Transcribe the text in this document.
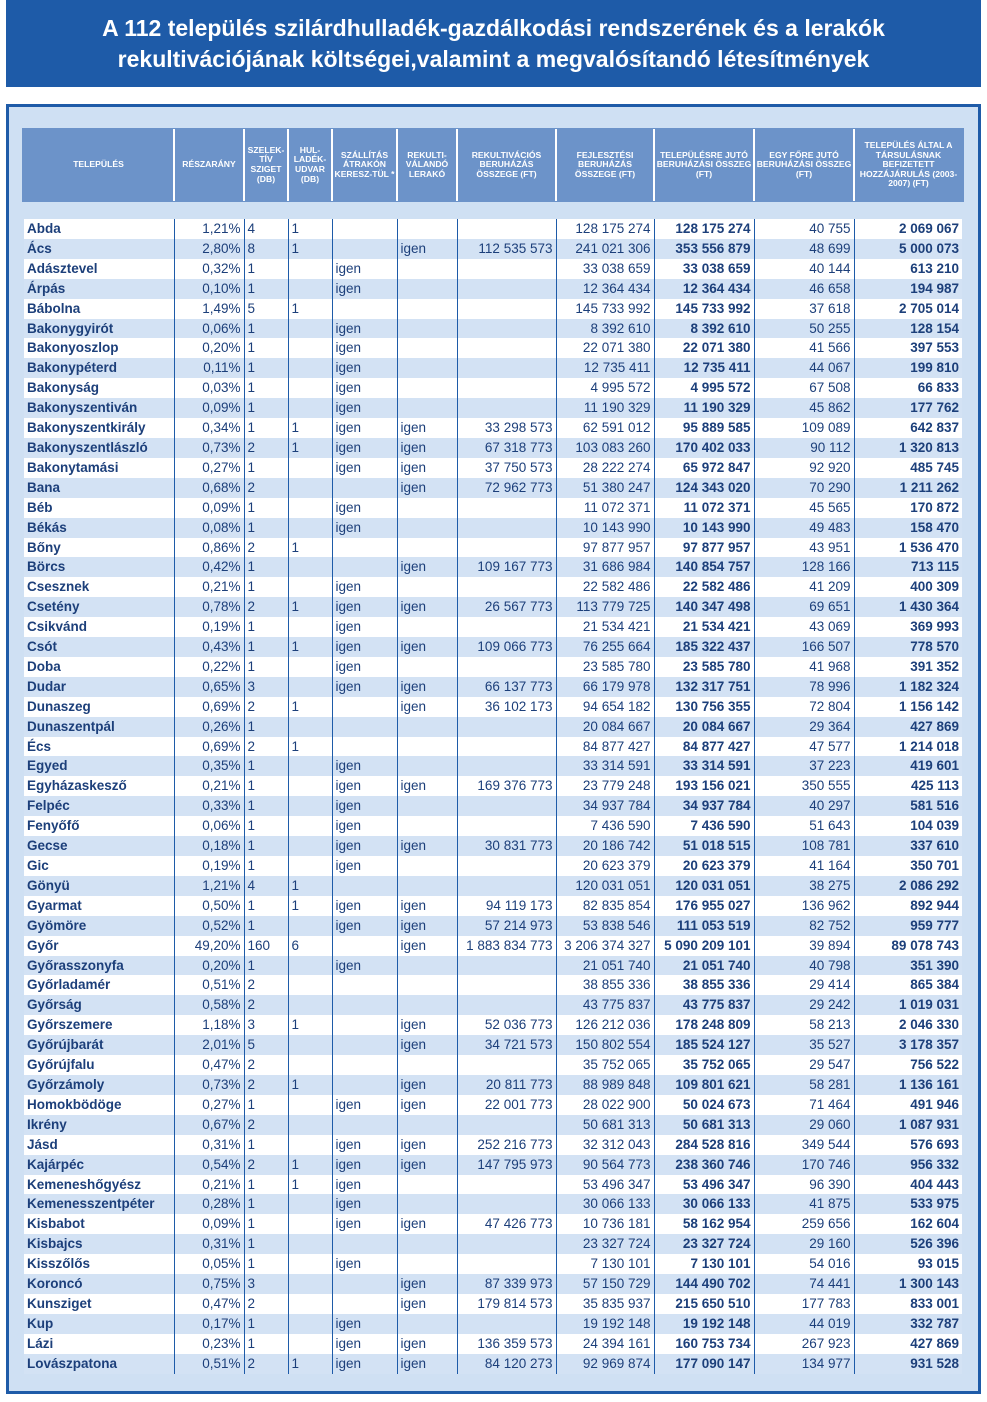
A 112 település szilárdhulladék-gazdálkodási rendszerének és a lerakók
rekultivációjának költségei,valamint a megvalósítandó létesítmények
TELEPÜLÉS	RÉSZARÁNY	SZELEK-TÍV SZIGET (DB)	HUL-LADÉK-UDVAR (DB)	SZÁLLÍTÁS ÁTRAKÓN KERESZ-TÜL *	REKULTI-VÁLANDÓ LERAKÓ	REKULTIVÁCIÓS BERUHÁZÁS ÖSSZEGE (FT)	FEJLESZTÉSI BERUHÁZÁS ÖSSZEGE (FT)	TELEPÜLÉSRE JUTÓ BERUHÁZÁSI ÖSSZEG (FT)	EGY FŐRE JUTÓ BERUHÁZÁSI ÖSSZEG (FT)	TELEPÜLÉS ÁLTAL A TÁRSULÁSNAK BEFIZETETT HOZZÁJÁRULÁS (2003-2007) (FT)
Abda	1,21%	4	1				128 175 274	128 175 274	40 755	2 069 067
Ács	2,80%	8	1		igen	112 535 573	241 021 306	353 556 879	48 699	5 000 073
Adásztevel	0,32%	1		igen			33 038 659	33 038 659	40 144	613 210
Árpás	0,10%	1		igen			12 364 434	12 364 434	46 658	194 987
Bábolna	1,49%	5	1				145 733 992	145 733 992	37 618	2 705 014
Bakonygyirót	0,06%	1		igen			8 392 610	8 392 610	50 255	128 154
Bakonyoszlop	0,20%	1		igen			22 071 380	22 071 380	41 566	397 553
Bakonypéterd	0,11%	1		igen			12 735 411	12 735 411	44 067	199 810
Bakonyság	0,03%	1		igen			4 995 572	4 995 572	67 508	66 833
Bakonyszentiván	0,09%	1		igen			11 190 329	11 190 329	45 862	177 762
Bakonyszentkirály	0,34%	1	1	igen	igen	33 298 573	62 591 012	95 889 585	109 089	642 837
Bakonyszentlászló	0,73%	2	1	igen	igen	67 318 773	103 083 260	170 402 033	90 112	1 320 813
Bakonytamási	0,27%	1		igen	igen	37 750 573	28 222 274	65 972 847	92 920	485 745
Bana	0,68%	2			igen	72 962 773	51 380 247	124 343 020	70 290	1 211 262
Béb	0,09%	1		igen			11 072 371	11 072 371	45 565	170 872
Békás	0,08%	1		igen			10 143 990	10 143 990	49 483	158 470
Bőny	0,86%	2	1				97 877 957	97 877 957	43 951	1 536 470
Börcs	0,42%	1			igen	109 167 773	31 686 984	140 854 757	128 166	713 115
Csesznek	0,21%	1		igen			22 582 486	22 582 486	41 209	400 309
Csetény	0,78%	2	1	igen	igen	26 567 773	113 779 725	140 347 498	69 651	1 430 364
Csikvánd	0,19%	1		igen			21 534 421	21 534 421	43 069	369 993
Csót	0,43%	1	1	igen	igen	109 066 773	76 255 664	185 322 437	166 507	778 570
Doba	0,22%	1		igen			23 585 780	23 585 780	41 968	391 352
Dudar	0,65%	3		igen	igen	66 137 773	66 179 978	132 317 751	78 996	1 182 324
Dunaszeg	0,69%	2	1		igen	36 102 173	94 654 182	130 756 355	72 804	1 156 142
Dunaszentpál	0,26%	1					20 084 667	20 084 667	29 364	427 869
Écs	0,69%	2	1				84 877 427	84 877 427	47 577	1 214 018
Egyed	0,35%	1		igen			33 314 591	33 314 591	37 223	419 601
Egyházaskesző	0,21%	1		igen	igen	169 376 773	23 779 248	193 156 021	350 555	425 113
Felpéc	0,33%	1		igen			34 937 784	34 937 784	40 297	581 516
Fenyőfő	0,06%	1		igen			7 436 590	7 436 590	51 643	104 039
Gecse	0,18%	1		igen	igen	30 831 773	20 186 742	51 018 515	108 781	337 610
Gic	0,19%	1		igen			20 623 379	20 623 379	41 164	350 701
Gönyü	1,21%	4	1				120 031 051	120 031 051	38 275	2 086 292
Gyarmat	0,50%	1	1	igen	igen	94 119 173	82 835 854	176 955 027	136 962	892 944
Gyömöre	0,52%	1		igen	igen	57 214 973	53 838 546	111 053 519	82 752	959 777
Győr	49,20%	160	6		igen	1 883 834 773	3 206 374 327	5 090 209 101	39 894	89 078 743
Győrasszonyfa	0,20%	1		igen			21 051 740	21 051 740	40 798	351 390
Győrladamér	0,51%	2					38 855 336	38 855 336	29 414	865 384
Győrság	0,58%	2					43 775 837	43 775 837	29 242	1 019 031
Győrszemere	1,18%	3	1		igen	52 036 773	126 212 036	178 248 809	58 213	2 046 330
Győrújbarát	2,01%	5			igen	34 721 573	150 802 554	185 524 127	35 527	3 178 357
Győrújfalu	0,47%	2					35 752 065	35 752 065	29 547	756 522
Győrzámoly	0,73%	2	1		igen	20 811 773	88 989 848	109 801 621	58 281	1 136 161
Homokbödöge	0,27%	1		igen	igen	22 001 773	28 022 900	50 024 673	71 464	491 946
Ikrény	0,67%	2					50 681 313	50 681 313	29 060	1 087 931
Jásd	0,31%	1		igen	igen	252 216 773	32 312 043	284 528 816	349 544	576 693
Kajárpéc	0,54%	2	1	igen	igen	147 795 973	90 564 773	238 360 746	170 746	956 332
Kemeneshőgyész	0,21%	1	1	igen			53 496 347	53 496 347	96 390	404 443
Kemenesszentpéter	0,28%	1		igen			30 066 133	30 066 133	41 875	533 975
Kisbabot	0,09%	1		igen	igen	47 426 773	10 736 181	58 162 954	259 656	162 604
Kisbajcs	0,31%	1					23 327 724	23 327 724	29 160	526 396
Kisszőlős	0,05%	1		igen			7 130 101	7 130 101	54 016	93 015
Koroncó	0,75%	3			igen	87 339 973	57 150 729	144 490 702	74 441	1 300 143
Kunsziget	0,47%	2			igen	179 814 573	35 835 937	215 650 510	177 783	833 001
Kup	0,17%	1		igen			19 192 148	19 192 148	44 019	332 787
Lázi	0,23%	1		igen	igen	136 359 573	24 394 161	160 753 734	267 923	427 869
Lovászpatona	0,51%	2	1	igen	igen	84 120 273	92 969 874	177 090 147	134 977	931 528
